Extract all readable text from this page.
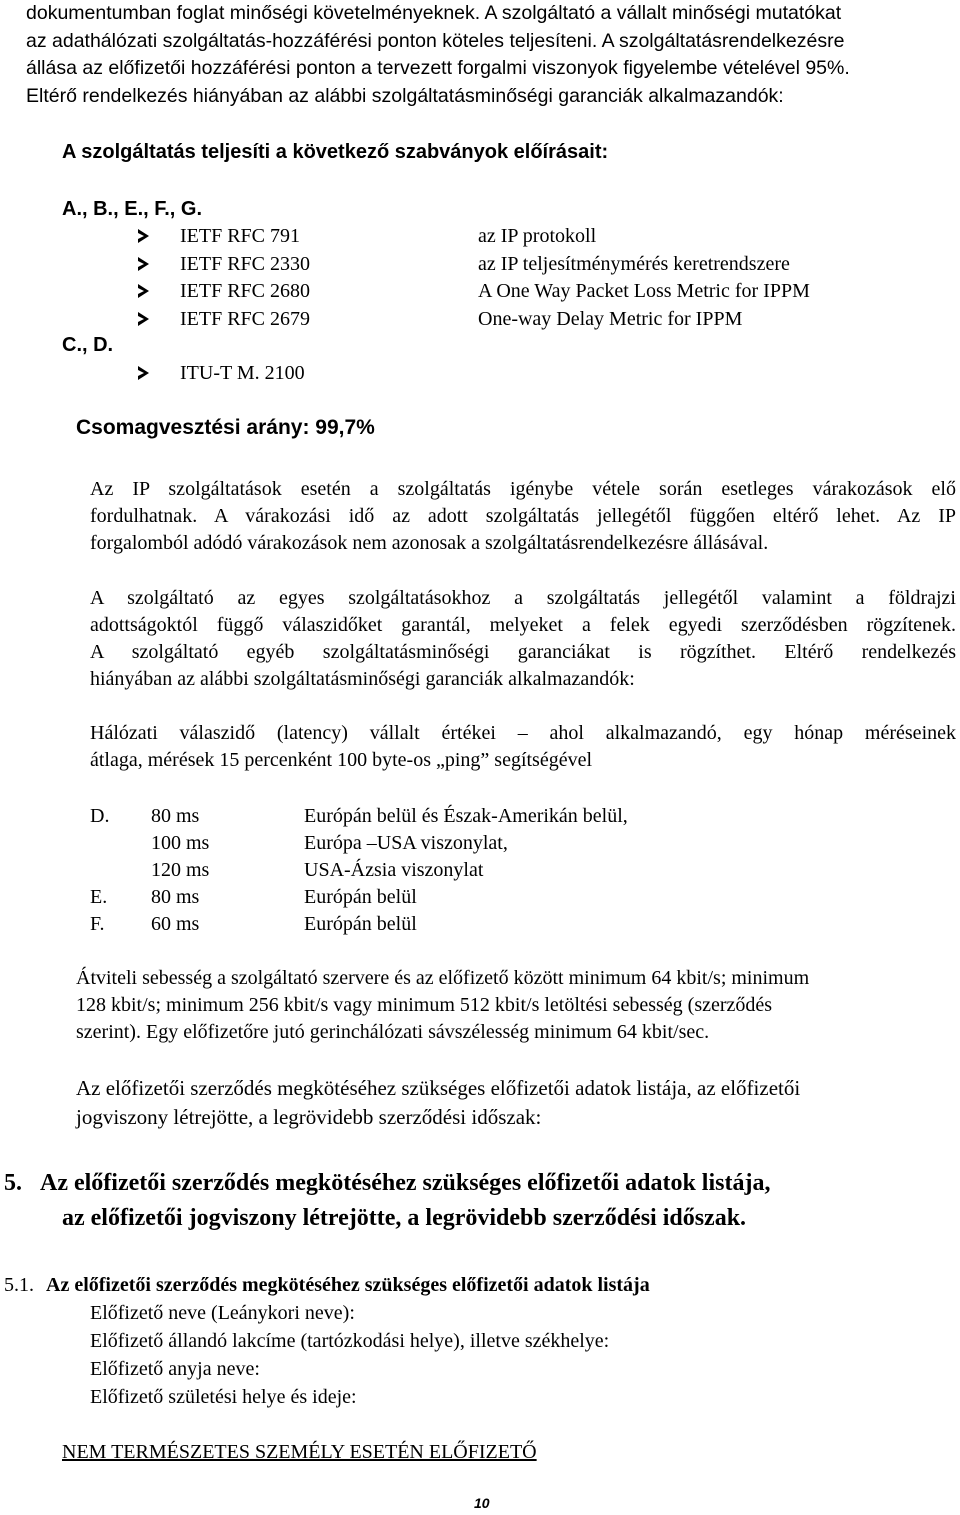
dokumentumban foglat minőségi követelményeknek. A szolgáltató a vállalt minőségi mutatókat
az adathálózati szolgáltatás-hozzáférési ponton köteles teljesíteni. A szolgáltatásrendelkezésre
állása az előfizetői hozzáférési ponton a tervezett forgalmi viszonyok figyelembe vételével 95%.
Eltérő rendelkezés hiányában az alábbi szolgáltatásminőségi garanciák alkalmazandók:
A szolgáltatás teljesíti a következő szabványok előírásait:
A., B., E., F., G.
IETF RFC 791	az IP protokoll
IETF RFC 2330	az IP teljesítménymérés keretrendszere
IETF RFC 2680	A One Way Packet Loss Metric for IPPM
IETF RFC 2679	One-way Delay Metric for IPPM
C., D.
ITU-T M. 2100
Csomagvesztési arány: 99,7%
Az IP szolgáltatások esetén a szolgáltatás igénybe vétele során esetleges várakozások elő
fordulhatnak. A várakozási idő az adott szolgáltatás jellegétől függően eltérő lehet. Az IP
forgalomból adódó várakozások nem azonosak a szolgáltatásrendelkezésre állásával.
A szolgáltató az egyes szolgáltatásokhoz a szolgáltatás jellegétől valamint a földrajzi
adottságoktól függő válaszidőket garantál, melyeket a felek egyedi szerződésben rögzítenek.
A szolgáltató egyéb szolgáltatásminőségi garanciákat is rögzíthet. Eltérő rendelkezés
hiányában az alábbi szolgáltatásminőségi garanciák alkalmazandók:
Hálózati válaszidő (latency) vállalt értékei – ahol alkalmazandó, egy hónap méréseinek
átlaga, mérések 15 percenként 100 byte-os „ping” segítségével
D. 80 ms	Európán belül és Észak-Amerikán belül,
100 ms	Európa –USA viszonylat,
120 ms	USA-Ázsia viszonylat
E. 80 ms	Európán belül
F. 60 ms	Európán belül
Átviteli sebesség a szolgáltató szervere és az előfizető között minimum 64 kbit/s; minimum
128 kbit/s; minimum 256 kbit/s vagy minimum 512 kbit/s letöltési sebesség (szerződés
szerint). Egy előfizetőre jutó gerinchálózati sávszélesség minimum 64 kbit/sec.
Az előfizetői szerződés megkötéséhez szükséges előfizetői adatok listája, az előfizetői
jogviszony létrejötte, a legrövidebb szerződési időszak:
5. Az előfizetői szerződés megkötéséhez szükséges előfizetői adatok listája,
az előfizetői jogviszony létrejötte, a legrövidebb szerződési időszak.
5.1. Az előfizetői szerződés megkötéséhez szükséges előfizetői adatok listája
Előfizető neve (Leánykori neve):
Előfizető állandó lakcíme (tartózkodási helye), illetve székhelye:
Előfizető anyja neve:
Előfizető születési helye és ideje:
NEM TERMÉSZETES SZEMÉLY ESETÉN ELŐFIZETŐ
10
